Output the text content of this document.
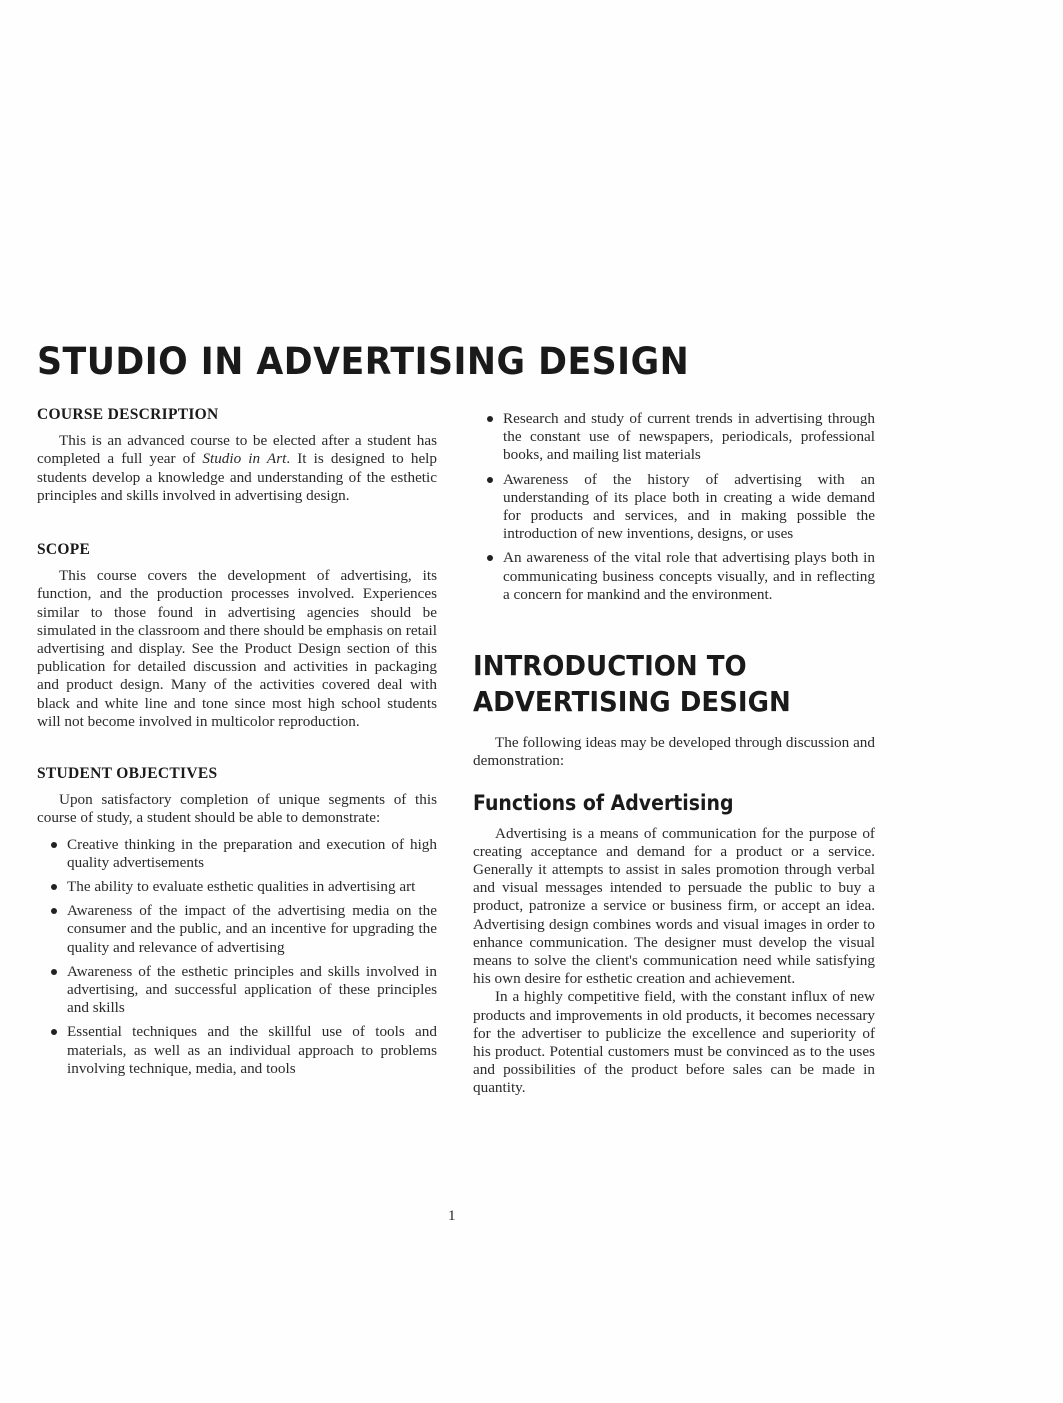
STUDIO IN ADVERTISING DESIGN
COURSE DESCRIPTION

This is an advanced course to be elected after a student has completed a full year of Studio in Art. It is designed to help students develop a knowledge and understanding of the esthetic principles and skills involved in advertising design.

SCOPE

This course covers the development of advertising, its function, and the production processes involved. Experiences similar to those found in advertising agencies should be simulated in the classroom and there should be emphasis on retail advertising and display. See the Product Design section of this publication for detailed discussion and activities in packaging and product design. Many of the activities covered deal with black and white line and tone since most high school students will not become involved in multicolor reproduction.

STUDENT OBJECTIVES

Upon satisfactory completion of unique segments of this course of study, a student should be able to demonstrate:

Creative thinking in the preparation and execution of high quality advertisements
The ability to evaluate esthetic qualities in advertising art
Awareness of the impact of the advertising media on the consumer and the public, and an incentive for upgrading the quality and relevance of advertising
Awareness of the esthetic principles and skills involved in advertising, and successful application of these principles and skills
Essential techniques and the skillful use of tools and materials, as well as an individual approach to problems involving technique, media, and tools
Research and study of current trends in advertising through the constant use of newspapers, periodicals, professional books, and mailing list materials
Awareness of the history of advertising with an understanding of its place both in creating a wide demand for products and services, and in making possible the introduction of new inventions, designs, or uses
An awareness of the vital role that advertising plays both in communicating business concepts visually, and in reflecting a concern for mankind and the environment.
INTRODUCTION TO
ADVERTISING DESIGN

The following ideas may be developed through discussion and demonstration:

Functions of Advertising

Advertising is a means of communication for the purpose of creating acceptance and demand for a product or a service. Generally it attempts to assist in sales promotion through verbal and visual messages intended to persuade the public to buy a product, patronize a service or business firm, or accept an idea. Advertising design combines words and visual images in order to enhance communication. The designer must develop the visual means to solve the client's communication need while satisfying his own desire for esthetic creation and achievement.

In a highly competitive field, with the constant influx of new products and improvements in old products, it becomes necessary for the advertiser to publicize the excellence and superiority of his product. Potential customers must be convinced as to the uses and possibilities of the product before sales can be made in quantity.

1
